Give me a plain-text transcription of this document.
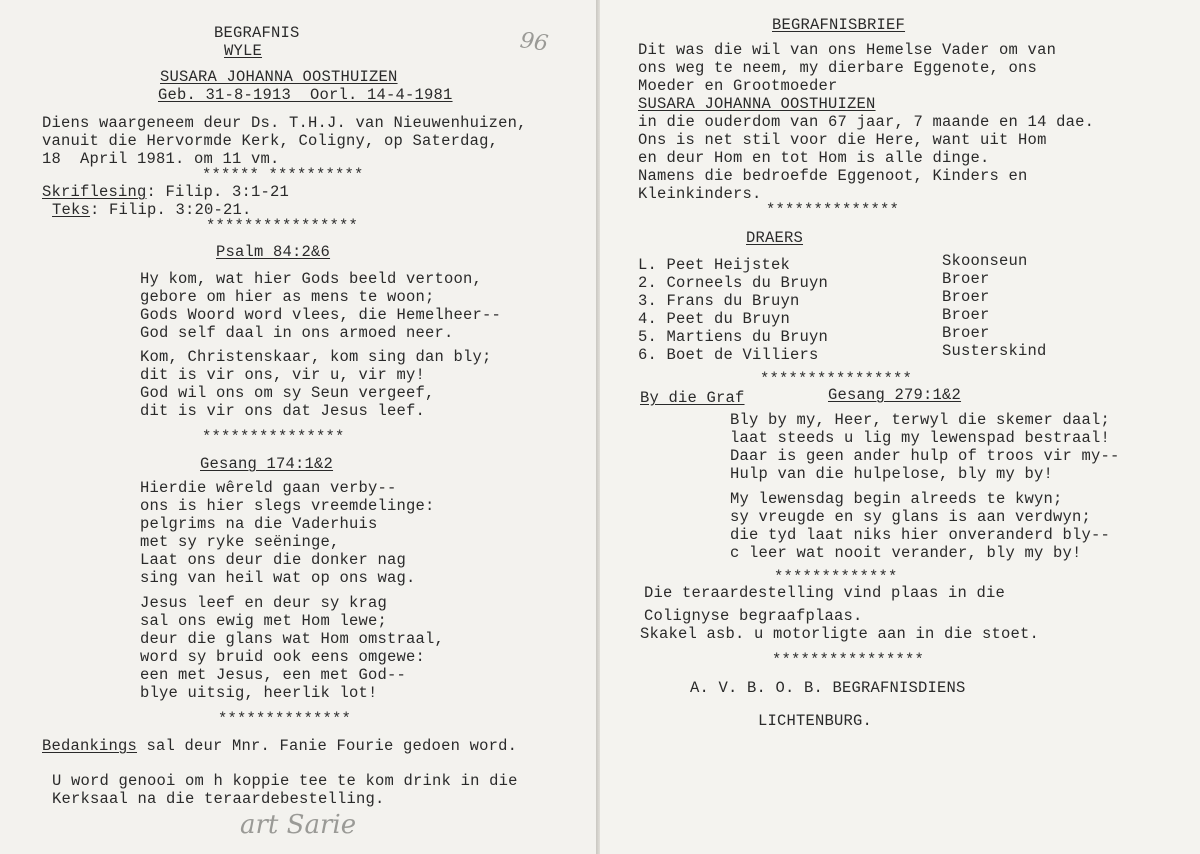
BEGRAFNIS
WYLE
SUSARA JOHANNA OOSTHUIZEN
Geb. 31-8-1913  Oorl. 14-4-1981
Diens waargeneem deur Ds. T.H.J. van Nieuwenhuizen,
vanuit die Hervormde Kerk, Coligny, op Saterdag,
18  April 1981. om 11 vm.
****** **********
Skriflesing: Filip. 3:1-21
Teks: Filip. 3:20-21.
****************
Psalm 84:2&6
Hy kom, wat hier Gods beeld vertoon,
gebore om hier as mens te woon;
Gods Woord word vlees, die Hemelheer--
God self daal in ons armoed neer.
Kom, Christenskaar, kom sing dan bly;
dit is vir ons, vir u, vir my!
God wil ons om sy Seun vergeef,
dit is vir ons dat Jesus leef.
***************
Gesang 174:1&2
Hierdie wêreld gaan verby--
ons is hier slegs vreemdelinge:
pelgrims na die Vaderhuis
met sy ryke seëninge,
Laat ons deur die donker nag
sing van heil wat op ons wag.
Jesus leef en deur sy krag
sal ons ewig met Hom lewe;
deur die glans wat Hom omstraal,
word sy bruid ook eens omgewe:
een met Jesus, een met God--
blye uitsig, heerlik lot!
**************
Bedankings sal deur Mnr. Fanie Fourie gedoen word.
U word genooi om h koppie tee te kom drink in die
Kerksaal na die teraardebestelling.
96
art Sarie
BEGRAFNISBRIEF
Dit was die wil van ons Hemelse Vader om van
ons weg te neem, my dierbare Eggenote, ons
Moeder en Grootmoeder
SUSARA JOHANNA OOSTHUIZEN
in die ouderdom van 67 jaar, 7 maande en 14 dae.
Ons is net stil voor die Here, want uit Hom
en deur Hom en tot Hom is alle dinge.
Namens die bedroefde Eggenoot, Kinders en
Kleinkinders.
**************
DRAERS
L. Peet Heijstek	Skoonseun
2. Corneels du Bruyn	Broer
3. Frans du Bruyn	Broer
4. Peet du Bruyn	Broer
5. Martiens du Bruyn	Broer
6. Boet de Villiers	Susterskind
****************
By die Graf	Gesang 279:1&2
Bly by my, Heer, terwyl die skemer daal;
laat steeds u lig my lewenspad bestraal!
Daar is geen ander hulp of troos vir my--
Hulp van die hulpelose, bly my by!
My lewensdag begin alreeds te kwyn;
sy vreugde en sy glans is aan verdwyn;
die tyd laat niks hier onveranderd bly--
c leer wat nooit verander, bly my by!
*************
Die teraardestelling vind plaas in die
Colignyse begraafplaas.
Skakel asb. u motorligte aan in die stoet.
****************
A. V. B. O. B. BEGRAFNISDIENS
LICHTENBURG.
